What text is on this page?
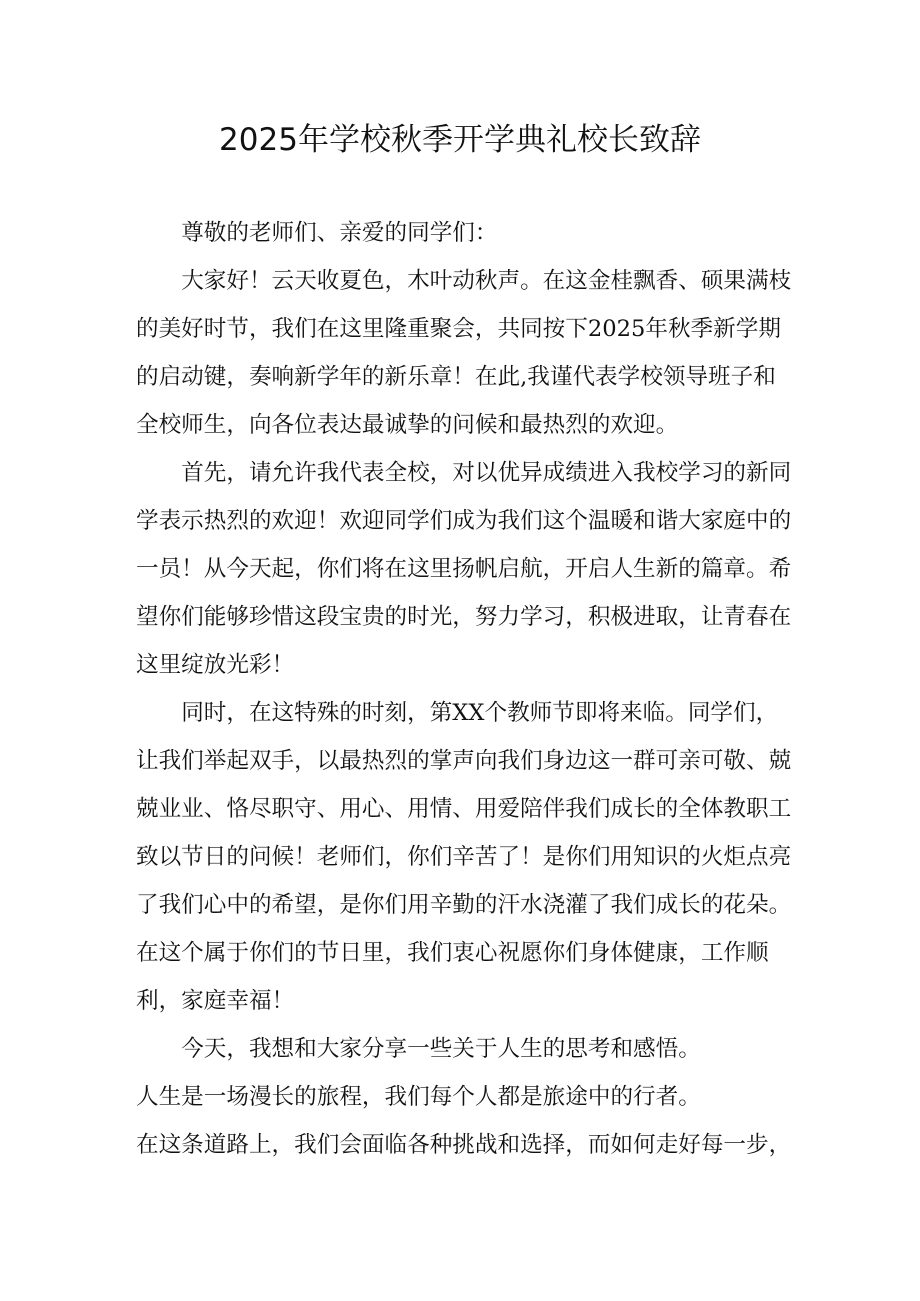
2025年学校秋季开学典礼校长致辞

尊敬的老师们、亲爱的同学们：

大家好！云天收夏色，木叶动秋声。在这金桂飘香、硕果满枝的美好时节，我们在这里隆重聚会，共同按下2025年秋季新学期的启动键，奏响新学年的新乐章！在此,我谨代表学校领导班子和全校师生，向各位表达最诚挚的问候和最热烈的欢迎。

首先，请允许我代表全校，对以优异成绩进入我校学习的新同学表示热烈的欢迎！欢迎同学们成为我们这个温暖和谐大家庭中的一员！从今天起，你们将在这里扬帆启航，开启人生新的篇章。希望你们能够珍惜这段宝贵的时光，努力学习，积极进取，让青春在这里绽放光彩！

同时，在这特殊的时刻，第XX个教师节即将来临。同学们，让我们举起双手，以最热烈的掌声向我们身边这一群可亲可敬、兢兢业业、恪尽职守、用心、用情、用爱陪伴我们成长的全体教职工致以节日的问候！老师们，你们辛苦了！是你们用知识的火炬点亮了我们心中的希望，是你们用辛勤的汗水浇灌了我们成长的花朵。在这个属于你们的节日里，我们衷心祝愿你们身体健康，工作顺利，家庭幸福！

今天，我想和大家分享一些关于人生的思考和感悟。

人生是一场漫长的旅程，我们每个人都是旅途中的行者。

在这条道路上，我们会面临各种挑战和选择，而如何走好每一步，
